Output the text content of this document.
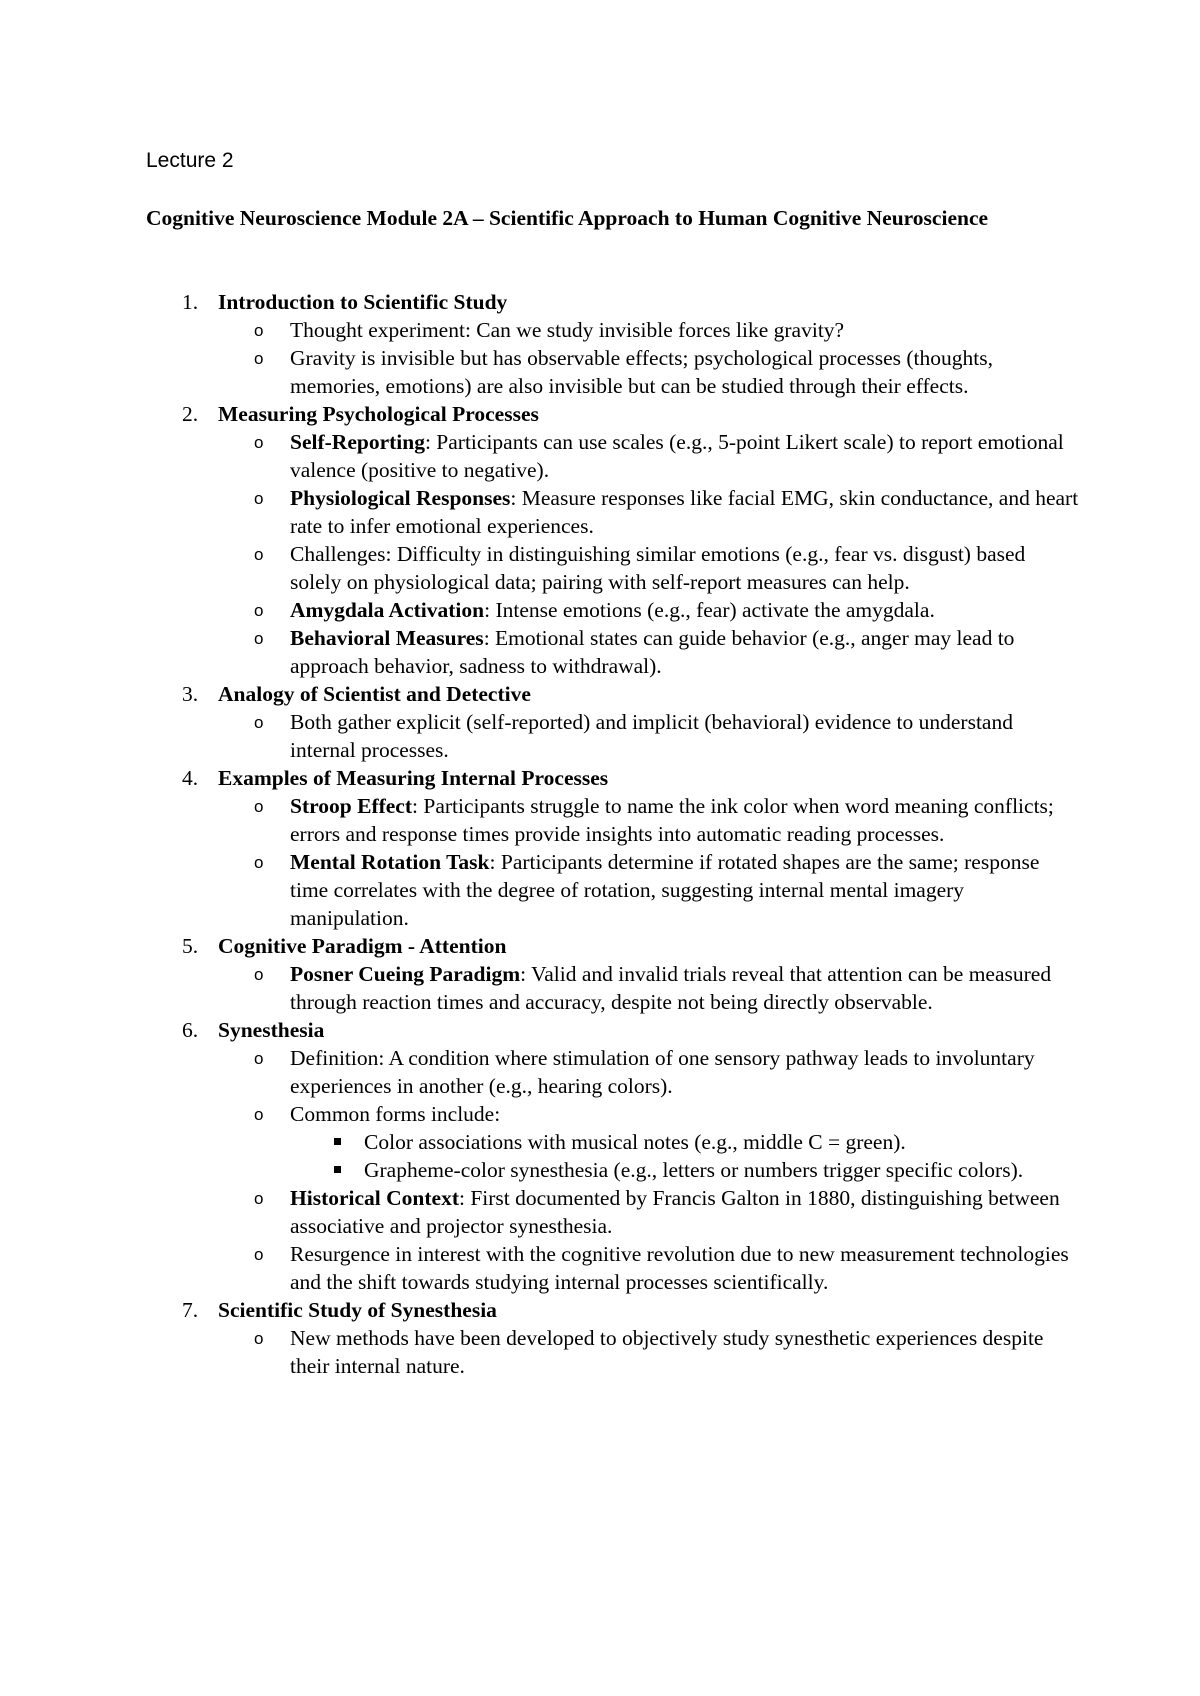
Lecture 2
Cognitive Neuroscience Module 2A – Scientific Approach to Human Cognitive Neuroscience
1. Introduction to Scientific Study
o Thought experiment: Can we study invisible forces like gravity?
o Gravity is invisible but has observable effects; psychological processes (thoughts, memories, emotions) are also invisible but can be studied through their effects.
2. Measuring Psychological Processes
o Self-Reporting: Participants can use scales (e.g., 5-point Likert scale) to report emotional valence (positive to negative).
o Physiological Responses: Measure responses like facial EMG, skin conductance, and heart rate to infer emotional experiences.
o Challenges: Difficulty in distinguishing similar emotions (e.g., fear vs. disgust) based solely on physiological data; pairing with self-report measures can help.
o Amygdala Activation: Intense emotions (e.g., fear) activate the amygdala.
o Behavioral Measures: Emotional states can guide behavior (e.g., anger may lead to approach behavior, sadness to withdrawal).
3. Analogy of Scientist and Detective
o Both gather explicit (self-reported) and implicit (behavioral) evidence to understand internal processes.
4. Examples of Measuring Internal Processes
o Stroop Effect: Participants struggle to name the ink color when word meaning conflicts; errors and response times provide insights into automatic reading processes.
o Mental Rotation Task: Participants determine if rotated shapes are the same; response time correlates with the degree of rotation, suggesting internal mental imagery manipulation.
5. Cognitive Paradigm - Attention
o Posner Cueing Paradigm: Valid and invalid trials reveal that attention can be measured through reaction times and accuracy, despite not being directly observable.
6. Synesthesia
o Definition: A condition where stimulation of one sensory pathway leads to involuntary experiences in another (e.g., hearing colors).
o Common forms include:
Color associations with musical notes (e.g., middle C = green).
Grapheme-color synesthesia (e.g., letters or numbers trigger specific colors).
o Historical Context: First documented by Francis Galton in 1880, distinguishing between associative and projector synesthesia.
o Resurgence in interest with the cognitive revolution due to new measurement technologies and the shift towards studying internal processes scientifically.
7. Scientific Study of Synesthesia
o New methods have been developed to objectively study synesthetic experiences despite their internal nature.
